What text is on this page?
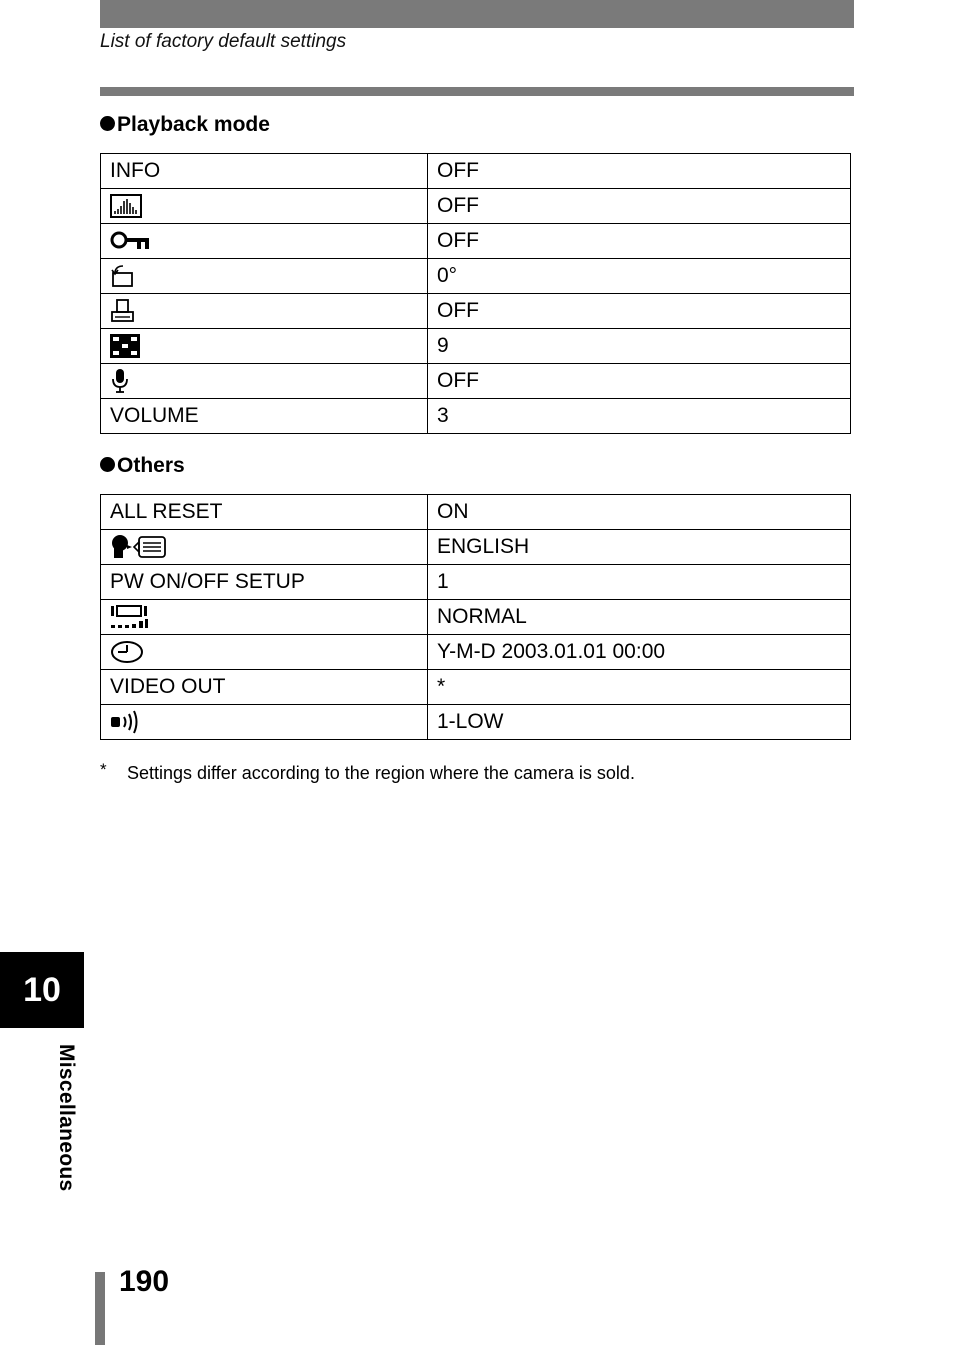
List of factory default settings
Playback mode
INFO	OFF
	OFF
	OFF
	0°
	OFF
	9
	OFF
VOLUME	3
Others
ALL RESET	ON
	ENGLISH
PW ON/OFF SETUP	1
	NORMAL
	Y-M-D 2003.01.01 00:00
VIDEO OUT	*
	1-LOW
* Settings differ according to the region where the camera is sold.
10
Miscellaneous
190
